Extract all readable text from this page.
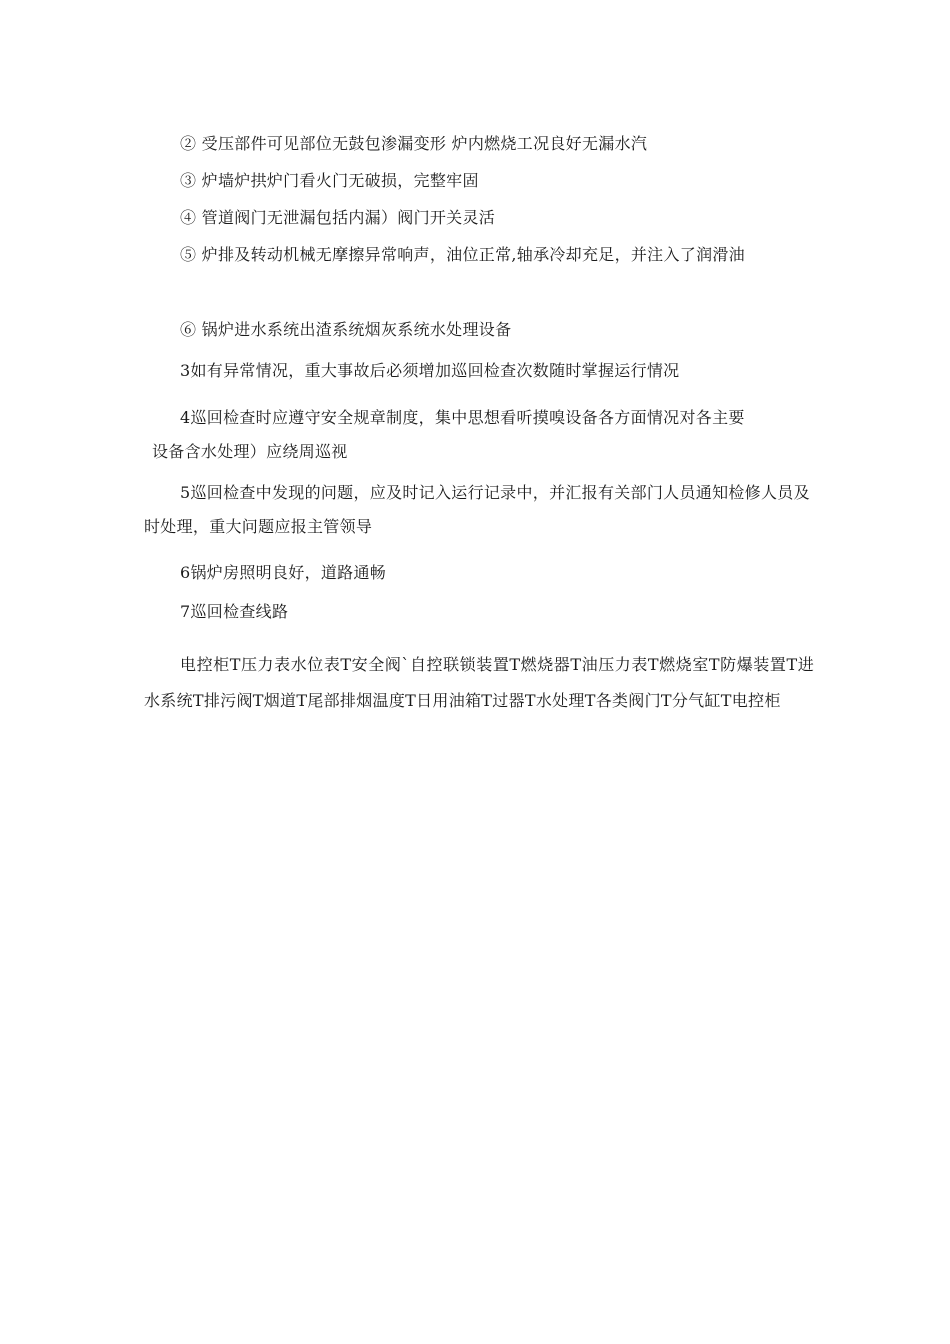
② 受压部件可见部位无鼓包渗漏变形 炉内燃烧工况良好无漏水汽
③ 炉墙炉拱炉门看火门无破损，完整牢固
④ 管道阀门无泄漏包括内漏）阀门开关灵活
⑤ 炉排及转动机械无摩擦异常响声，油位正常,轴承冷却充足，并注入了润滑油
⑥ 锅炉进水系统出渣系统烟灰系统水处理设备
3如有异常情况，重大事故后必须增加巡回检查次数随时掌握运行情况
4巡回检查时应遵守安全规章制度，集中思想看听摸嗅设备各方面情况对各主要
设备含水处理）应绕周巡视
5巡回检查中发现的问题，应及时记入运行记录中，并汇报有关部门人员通知检修人员及时处理，重大问题应报主管领导
6锅炉房照明良好，道路通畅
7巡回检查线路
电控柜T压力表水位表T安全阀`自控联锁装置T燃烧器T油压力表T燃烧室T防爆装置T进水系统T排污阀T烟道T尾部排烟温度T日用油箱T过器T水处理T各类阀门T分气缸T电控柜
